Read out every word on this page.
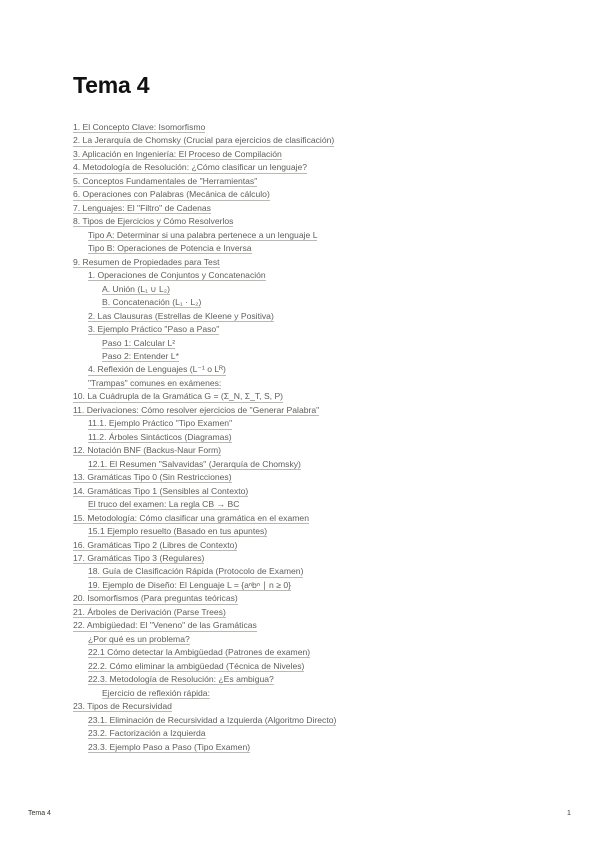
Tema 4
1. El Concepto Clave: Isomorfismo
2. La Jerarquía de Chomsky (Crucial para ejercicios de clasificación)
3. Aplicación en Ingeniería: El Proceso de Compilación
4. Metodología de Resolución: ¿Cómo clasificar un lenguaje?
5. Conceptos Fundamentales de "Herramientas"
6. Operaciones con Palabras (Mecánica de cálculo)
7. Lenguajes: El "Filtro" de Cadenas
8. Tipos de Ejercicios y Cómo Resolverlos
Tipo A: Determinar si una palabra pertenece a un lenguaje L
Tipo B: Operaciones de Potencia e Inversa
9. Resumen de Propiedades para Test
1. Operaciones de Conjuntos y Concatenación
A. Unión (L₁ ∪ L₂)
B. Concatenación (L₁ · L₂)
2. Las Clausuras (Estrellas de Kleene y Positiva)
3. Ejemplo Práctico "Paso a Paso"
Paso 1: Calcular L²
Paso 2: Entender L*
4. Reflexión de Lenguajes (L⁻¹ o Lᴿ)
"Trampas" comunes en exámenes:
10. La Cuádrupla de la Gramática G = (Σ_N, Σ_T, S, P)
11. Derivaciones: Cómo resolver ejercicios de "Generar Palabra"
11.1. Ejemplo Práctico "Tipo Examen"
11.2. Árboles Sintácticos (Diagramas)
12. Notación BNF (Backus-Naur Form)
12.1. El Resumen "Salvavidas" (Jerarquía de Chomsky)
13. Gramáticas Tipo 0 (Sin Restricciones)
14. Gramáticas Tipo 1 (Sensibles al Contexto)
El truco del examen: La regla CB → BC
15. Metodología: Cómo clasificar una gramática en el examen
15.1 Ejemplo resuelto (Basado en tus apuntes)
16. Gramáticas Tipo 2 (Libres de Contexto)
17. Gramáticas Tipo 3 (Regulares)
18. Guía de Clasificación Rápida (Protocolo de Examen)
19. Ejemplo de Diseño: El Lenguaje L = {aⁿbⁿ ∣ n ≥ 0}
20. Isomorfismos (Para preguntas teóricas)
21. Árboles de Derivación (Parse Trees)
22. Ambigüedad: El "Veneno" de las Gramáticas
¿Por qué es un problema?
22.1 Cómo detectar la Ambigüedad (Patrones de examen)
22.2. Cómo eliminar la ambigüedad (Técnica de Niveles)
22.3. Metodología de Resolución: ¿Es ambigua?
Ejercicio de reflexión rápida:
23. Tipos de Recursividad
23.1. Eliminación de Recursividad a Izquierda (Algoritmo Directo)
23.2. Factorización a Izquierda
23.3. Ejemplo Paso a Paso (Tipo Examen)
Tema 4	1
